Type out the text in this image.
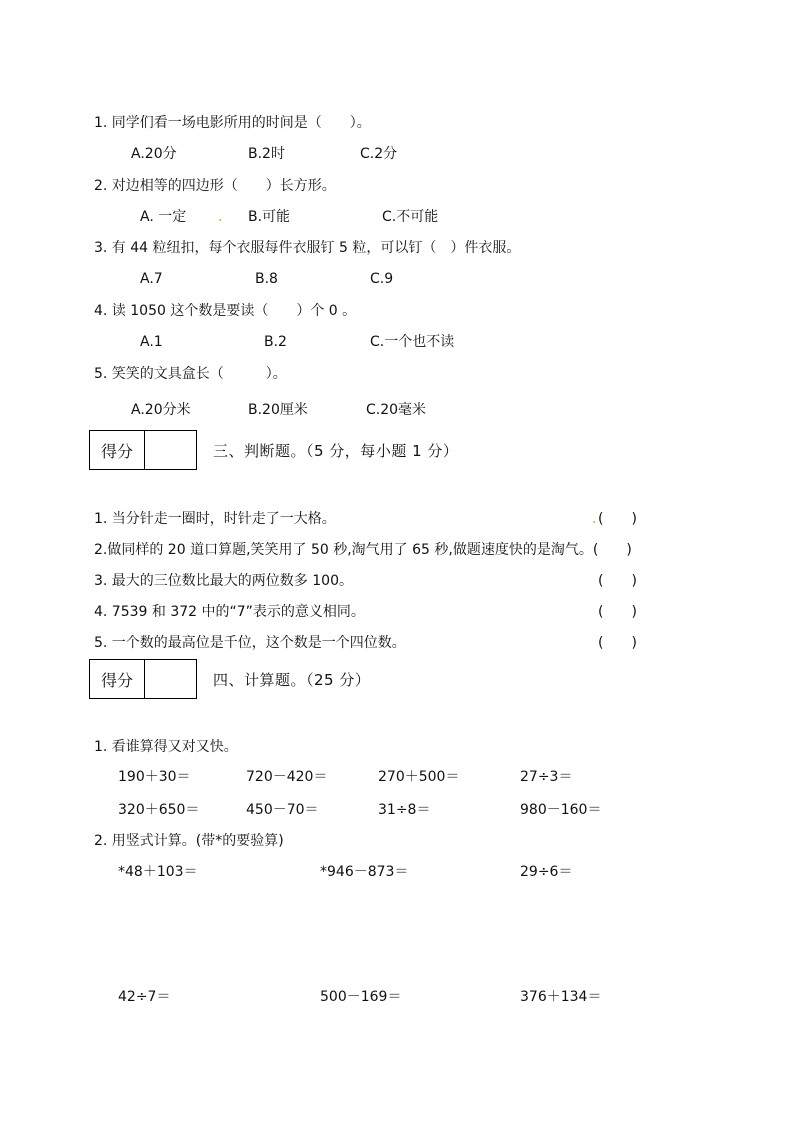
1. 同学们看一场电影所用的时间是（　　）。
A.20分	B.2时	C.2分
2. 对边相等的四边形（　　）长方形。
A. 一定 . B.可能	C.不可能
3. 有 44 粒纽扣，每个衣服每件衣服钉 5 粒，可以钉（　）件衣服。
A.7	B.8	C.9
4. 读 1050 这个数是要读（　　）个 0 。
A.1	B.2	C.一个也不读
5. 笑笑的文具盒长（　　　）。
A.20分米	B.20厘米	C.20毫米
得分	三、判断题。（5 分，每小题 1 分）
1. 当分针走一圈时，时针走了一大格。	. (　　)
2.做同样的 20 道口算题,笑笑用了 50 秒,淘气用了 65 秒,做题速度快的是淘气。(　　)
3. 最大的三位数比最大的两位数多 100。	(　　)
4. 7539 和 372 中的“7”表示的意义相同。	(　　)
5. 一个数的最高位是千位，这个数是一个四位数。	(　　)
得分	四、计算题。（25 分）
1. 看谁算得又对又快。
190＋30＝	720－420＝	270＋500＝	27÷3＝
320＋650＝	450－70＝	31÷8＝	980－160＝
2. 用竖式计算。(带*的要验算)
*48＋103＝	*946－873＝	29÷6＝
42÷7＝	500－169＝	376＋134＝
